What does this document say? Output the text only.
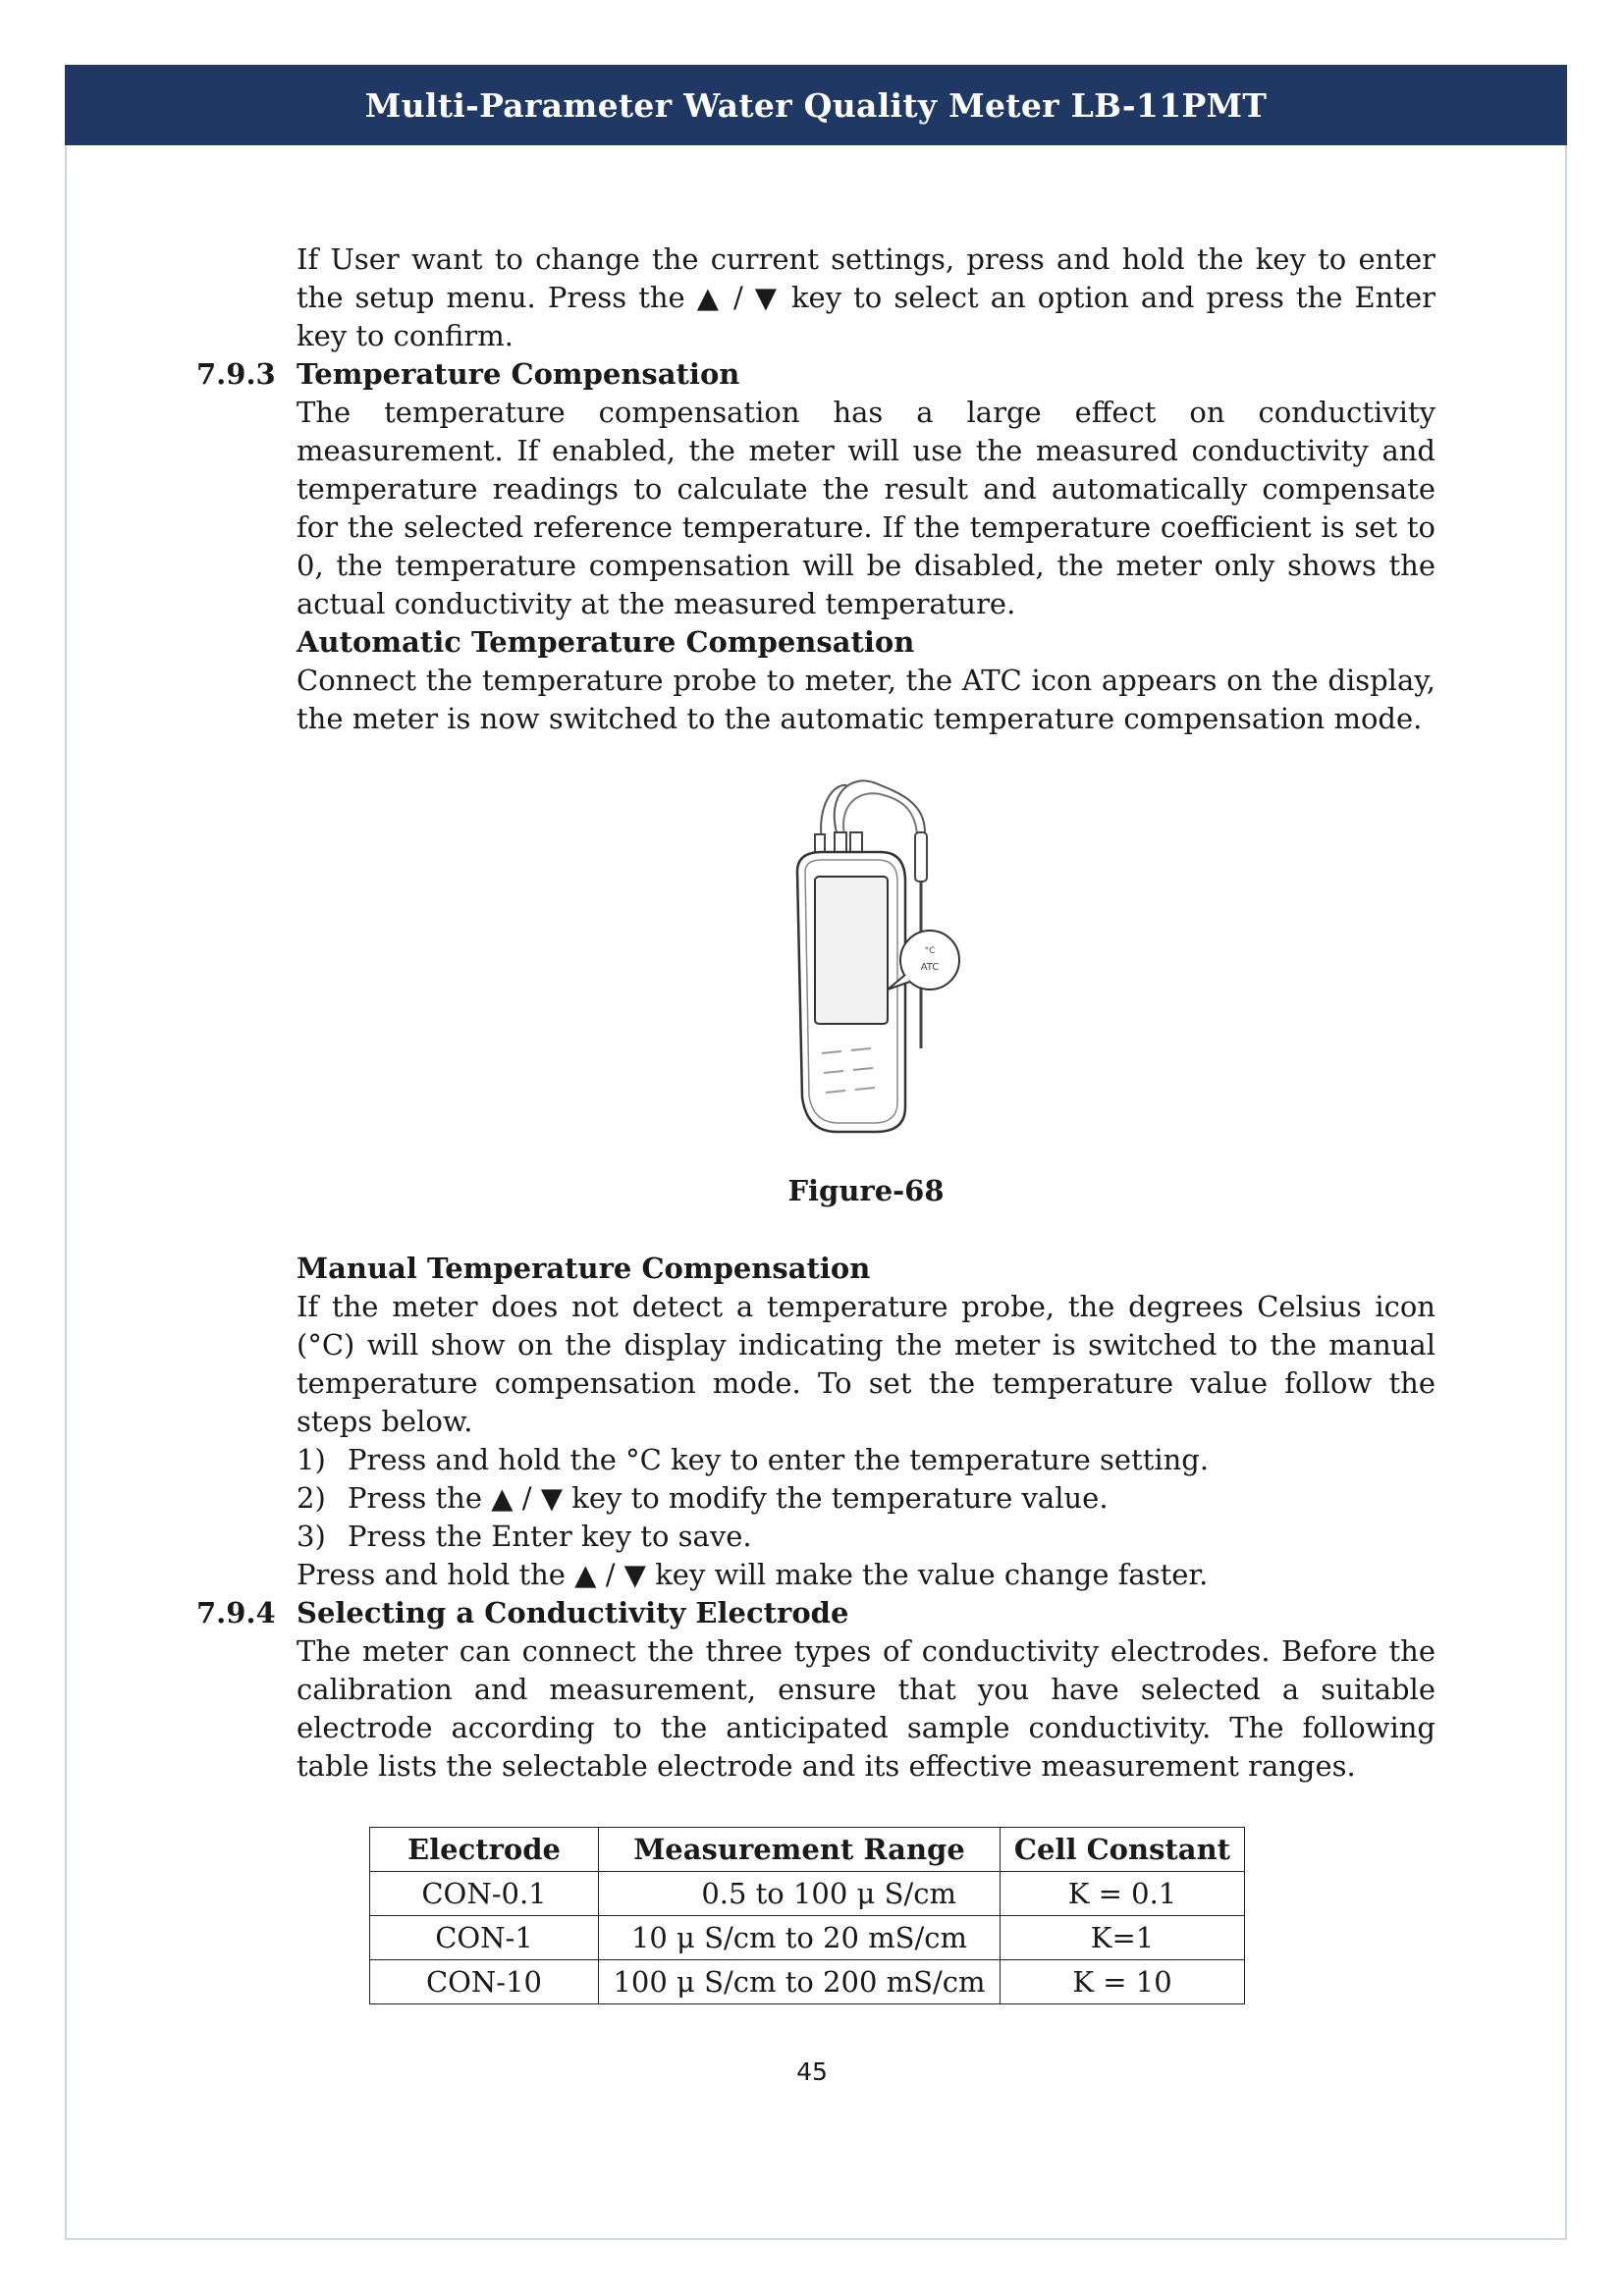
Multi-Parameter Water Quality Meter LB-11PMT

If User want to change the current settings, press and hold the key to enter the setup menu. Press the ▲ / ▼ key to select an option and press the Enter key to confirm.

7.9.3 Temperature Compensation

The temperature compensation has a large effect on conductivity measurement. If enabled, the meter will use the measured conductivity and temperature readings to calculate the result and automatically compensate for the selected reference temperature. If the temperature coefficient is set to 0, the temperature compensation will be disabled, the meter only shows the actual conductivity at the measured temperature.

Automatic Temperature Compensation

Connect the temperature probe to meter, the ATC icon appears on the display, the meter is now switched to the automatic temperature compensation mode.

°C
ATC
Figure-68
Manual Temperature Compensation

If the meter does not detect a temperature probe, the degrees Celsius icon (°C) will show on the display indicating the meter is switched to the manual temperature compensation mode. To set the temperature value follow the steps below.

1) Press and hold the °C key to enter the temperature setting.
2) Press the ▲ / ▼ key to modify the temperature value.
3) Press the Enter key to save.

Press and hold the ▲ / ▼ key will make the value change faster.

7.9.4 Selecting a Conductivity Electrode

The meter can connect the three types of conductivity electrodes. Before the calibration and measurement, ensure that you have selected a suitable electrode according to the anticipated sample conductivity. The following table lists the selectable electrode and its effective measurement ranges.

Electrode	Measurement Range	Cell Constant
CON-0.1	0.5 to 100 μ S/cm	K = 0.1
CON-1	10 μ S/cm to 20 mS/cm	K=1
CON-10	100 μ S/cm to 200 mS/cm	K = 10
45
